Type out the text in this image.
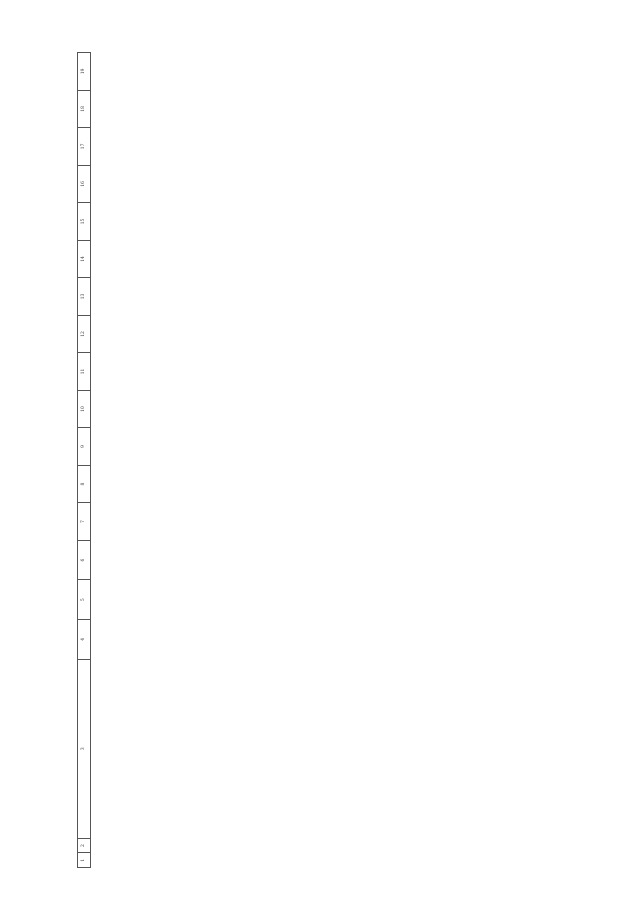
1	2	3	4	5	6	7	8	9	10	11	12	13	14	15	16	17	18	19
